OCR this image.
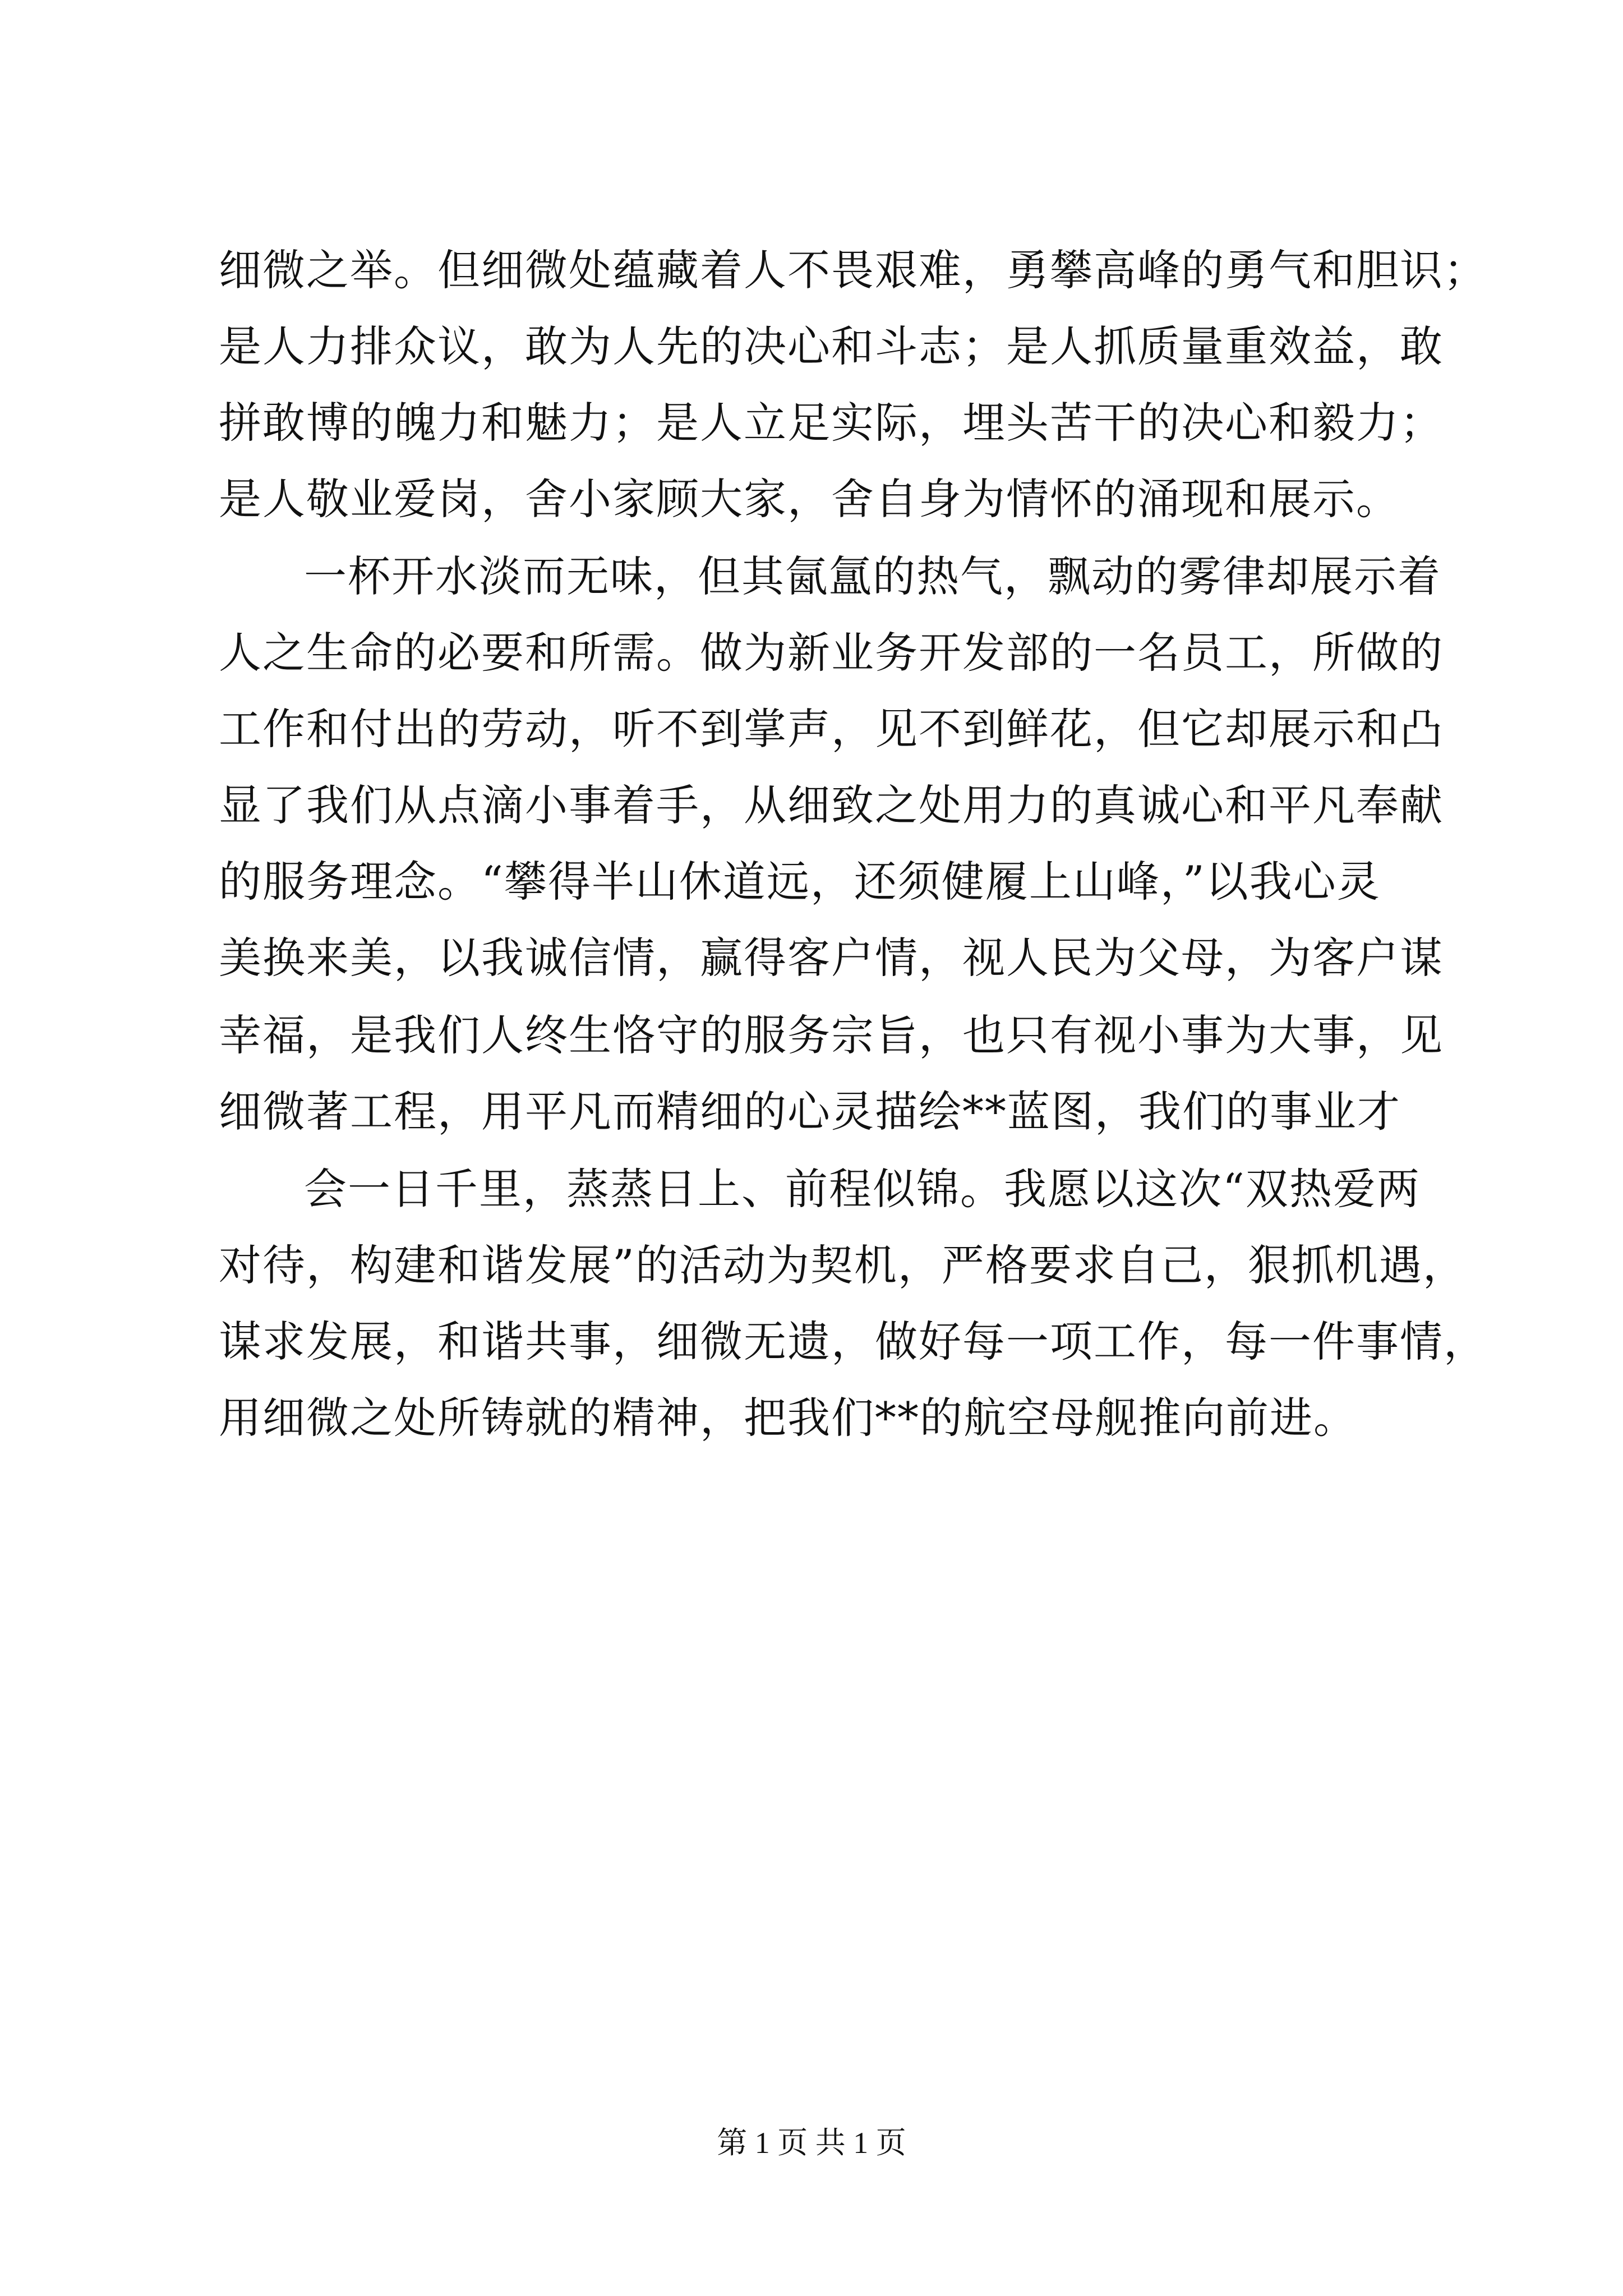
细微之举。但细微处蕴藏着人不畏艰难，勇攀高峰的勇气和胆识；
是人力排众议，敢为人先的决心和斗志；是人抓质量重效益，敢
拼敢博的魄力和魅力；是人立足实际，埋头苦干的决心和毅力；
是人敬业爱岗，舍小家顾大家，舍自身为情怀的涌现和展示。
一杯开水淡而无味，但其氤氲的热气，飘动的雾律却展示着
人之生命的必要和所需。做为新业务开发部的一名员工，所做的
工作和付出的劳动，听不到掌声，见不到鲜花，但它却展示和凸
显了我们从点滴小事着手，从细致之处用力的真诚心和平凡奉献
的服务理念。“攀得半山休道远，还须健履上山峰，”以我心灵
美换来美，以我诚信情，赢得客户情，视人民为父母，为客户谋
幸福，是我们人终生恪守的服务宗旨，也只有视小事为大事，见
细微著工程，用平凡而精细的心灵描绘**蓝图，我们的事业才
会一日千里，蒸蒸日上、前程似锦。我愿以这次“双热爱两
对待，构建和谐发展”的活动为契机，严格要求自己，狠抓机遇，
谋求发展，和谐共事，细微无遗，做好每一项工作，每一件事情，
用细微之处所铸就的精神，把我们**的航空母舰推向前进。
第 1 页 共 1 页
